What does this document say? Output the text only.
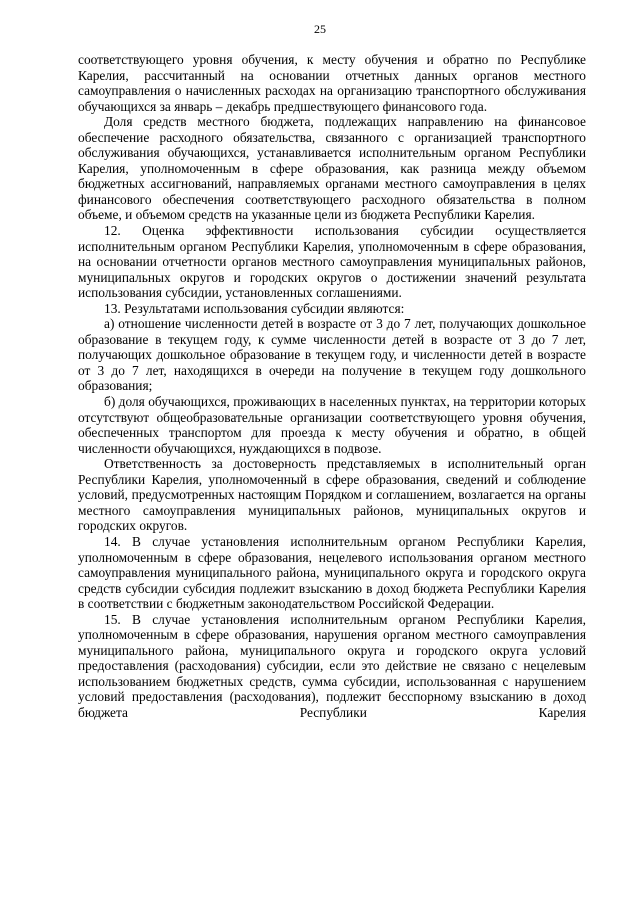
25

соответствующего уровня обучения, к месту обучения и обратно по Республике Карелия, рассчитанный на основании отчетных данных органов местного самоуправления о начисленных расходах на организацию транспортного обслуживания обучающихся за январь – декабрь предшествующего финансового года.

Доля средств местного бюджета, подлежащих направлению на финансовое обеспечение расходного обязательства, связанного с организацией транспортного обслуживания обучающихся, устанавливается исполнительным органом Республики Карелия, уполномоченным в сфере образования, как разница между объемом бюджетных ассигнований, направляемых органами местного самоуправления в целях финансового обеспечения соответствующего расходного обязательства в полном объеме, и объемом средств на указанные цели из бюджета Республики Карелия.

12. Оценка эффективности использования субсидии осуществляется исполнительным органом Республики Карелия, уполномоченным в сфере образования, на основании отчетности органов местного самоуправления муниципальных районов, муниципальных округов и городских округов о достижении значений результата использования субсидии, установленных соглашениями.

13. Результатами использования субсидии являются:

а) отношение численности детей в возрасте от 3 до 7 лет, получающих дошкольное образование в текущем году, к сумме численности детей в возрасте от 3 до 7 лет, получающих дошкольное образование в текущем году, и численности детей в возрасте от 3 до 7 лет, находящихся в очереди на получение в текущем году дошкольного образования;

б) доля обучающихся, проживающих в населенных пунктах, на территории которых отсутствуют общеобразовательные организации соответствующего уровня обучения, обеспеченных транспортом для проезда к месту обучения и обратно, в общей численности обучающихся, нуждающихся в подвозе.

Ответственность за достоверность представляемых в исполнительный орган Республики Карелия, уполномоченный в сфере образования, сведений и соблюдение условий, предусмотренных настоящим Порядком и соглашением, возлагается на органы местного самоуправления муниципальных районов, муниципальных округов и городских округов.

14. В случае установления исполнительным органом Республики Карелия, уполномоченным в сфере образования, нецелевого использования органом местного самоуправления муниципального района, муниципального округа и городского округа средств субсидии субсидия подлежит взысканию в доход бюджета Республики Карелия в соответствии с бюджетным законодательством Российской Федерации.

15. В случае установления исполнительным органом Республики Карелия, уполномоченным в сфере образования, нарушения органом местного самоуправления муниципального района, муниципального округа и городского округа условий предоставления (расходования) субсидии, если это действие не связано с нецелевым использованием бюджетных средств, сумма субсидии, использованная с нарушением условий предоставления (расходования), подлежит бесспорному взысканию в доход бюджета Республики Карелия
